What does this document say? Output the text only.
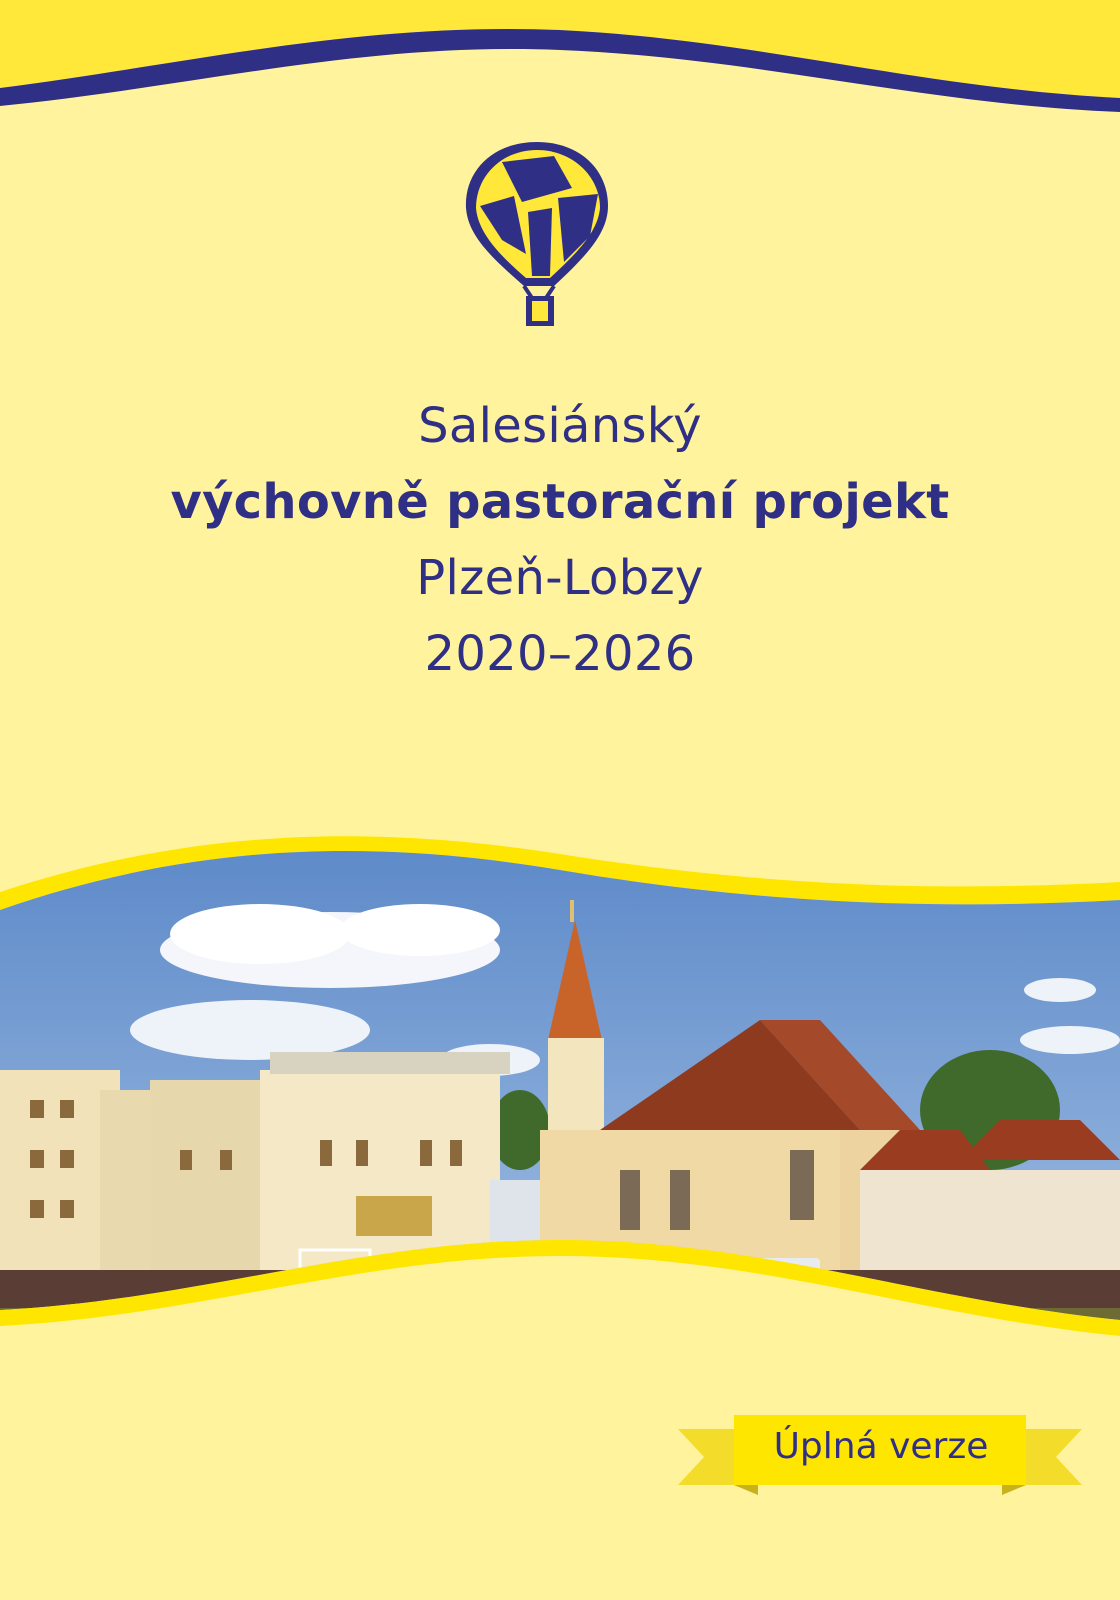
Salesiánský
výchovně pastorační projekt
Plzeň-Lobzy
2020–2026
Úplná verze
